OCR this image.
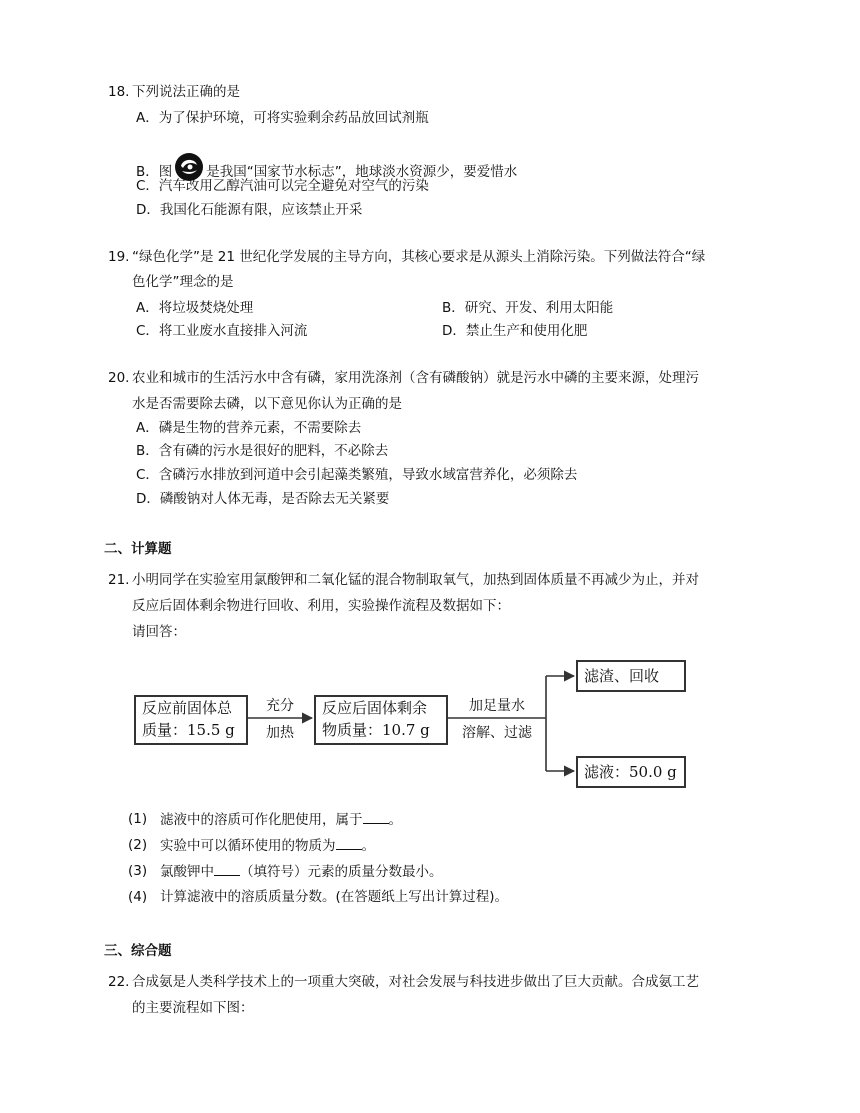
18. 下列说法正确的是
A．为了保护环境，可将实验剩余药品放回试剂瓶
B．图	是我国“国家节水标志”，地球淡水资源少，要爱惜水
C．汽车改用乙醇汽油可以完全避免对空气的污染
D．我国化石能源有限，应该禁止开采
19. “绿色化学”是 21 世纪化学发展的主导方向，其核心要求是从源头上消除污染。下列做法符合“绿
色化学”理念的是
A．将垃圾焚烧处理	B．研究、开发、利用太阳能
C．将工业废水直接排入河流	D．禁止生产和使用化肥
20. 农业和城市的生活污水中含有磷，家用洗涤剂（含有磷酸钠）就是污水中磷的主要来源，处理污
水是否需要除去磷，以下意见你认为正确的是
A．磷是生物的营养元素，不需要除去
B．含有磷的污水是很好的肥料，不必除去
C．含磷污水排放到河道中会引起藻类繁殖，导致水域富营养化，必须除去
D．磷酸钠对人体无毒，是否除去无关紧要
二、计算题
21. 小明同学在实验室用氯酸钾和二氧化锰的混合物制取氧气，加热到固体质量不再减少为止，并对
反应后固体剩余物进行回收、利用，实验操作流程及数据如下：
请回答：
反应前固体总
质量：15.5 g
充分
加热
反应后固体剩余
物质量：10.7 g
加足量水
溶解、过滤
滤渣、回收
滤液：50.0 g
(1) 滤液中的溶质可作化肥使用，属于 。
(2) 实验中可以循环使用的物质为 。
(3) 氯酸钾中 （填符号）元素的质量分数最小。
(4) 计算滤液中的溶质质量分数。(在答题纸上写出计算过程)。
三、综合题
22. 合成氨是人类科学技术上的一项重大突破，对社会发展与科技进步做出了巨大贡献。合成氨工艺
的主要流程如下图：
